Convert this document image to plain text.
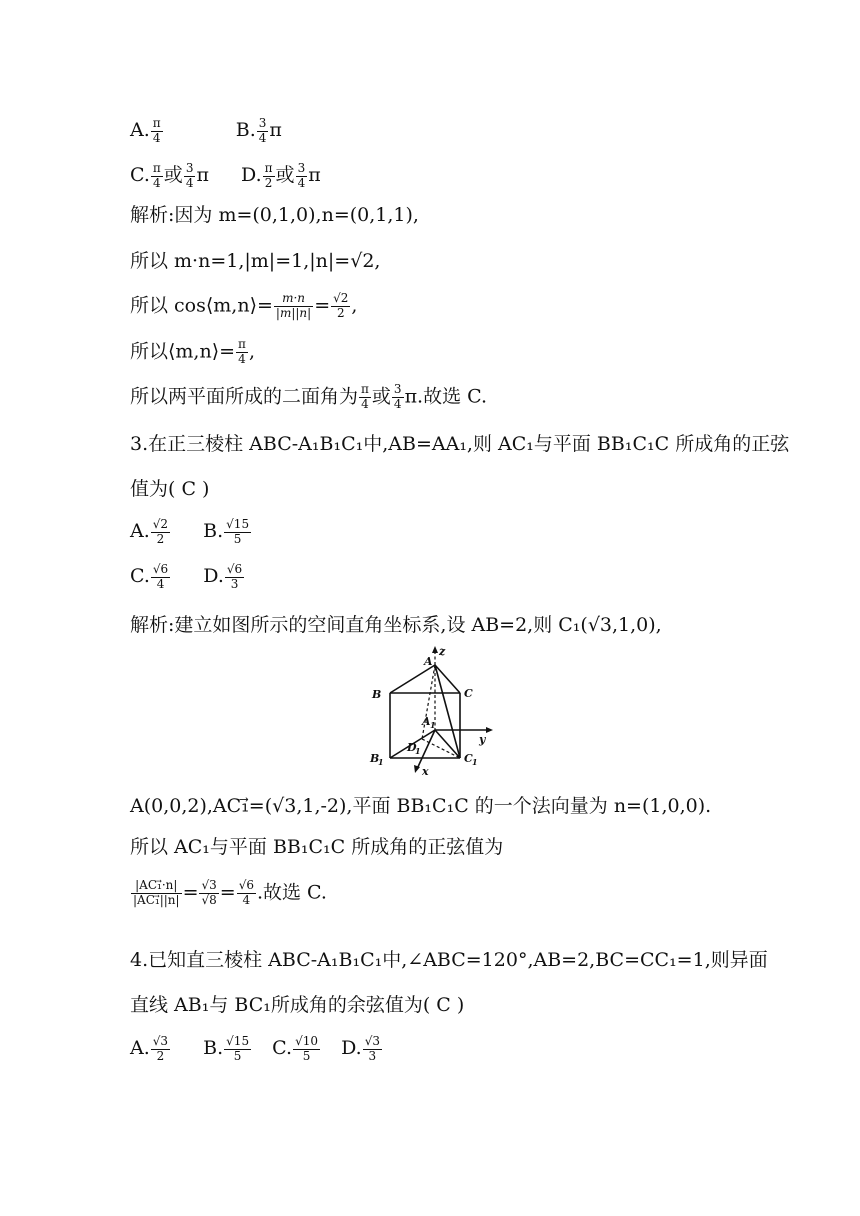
A. $\frac{\pi}{4}$	B. $\frac{3}{4}$ π
C. $\frac{\pi}{4}$ 或 $\frac{3}{4}$ π D. $\frac{\pi}{2}$ 或 $\frac{3}{4}$ π
解析:因为 m=(0,1,0),n=(0,1,1),
所以 m·n=1,|m|=1,|n|=√2,
所以 cos⟨m,n⟩= $\frac{m\cdot n}{|m||n|} = \frac{√2}{2}$ ,
所以⟨m,n⟩= $\frac{\pi}{4}$ ,
所以两平面所成的二面角为 $\frac{\pi}{4}$ 或 $\frac{3}{4} \pi$.故选 C.
3.在正三棱柱 ABC-A₁B₁C₁中,AB=AA₁,则 AC₁与平面 BB₁C₁C 所成角的正弦
值为( C )
A. $\frac{√2}{2} B$. $\frac{√15}{5}$
C. $\frac{√6}{4} D$. $\frac{√6}{3}$
解析:建立如图所示的空间直角坐标系,设 AB=2,则 C₁(√3,1,0),
A
z
B	C
A 1
y
B
1
D
1
C 1
x
A(0,0,2),AC₁⃗=(√3,1,-2),平面 BB₁C₁C 的一个法向量为 n=(1,0,0).
所以 AC₁与平面 BB₁C₁C 所成角的正弦值为
$\frac{\text{|AC₁⃗·n|}}{\text{|AC₁⃗||n|}} = \frac{√3}{√8} = \frac{√6}{4}$ .故选 C.
4.已知直三棱柱 ABC-A₁B₁C₁中,∠ABC=120°,AB=2,BC=CC₁=1,则异面
直线 AB₁与 BC₁所成角的余弦值为( C )
A. $\frac{√3}{2} B$. $\frac{√15}{5} C$. $\frac{√10}{5} D$. $\frac{√3}{3}$
